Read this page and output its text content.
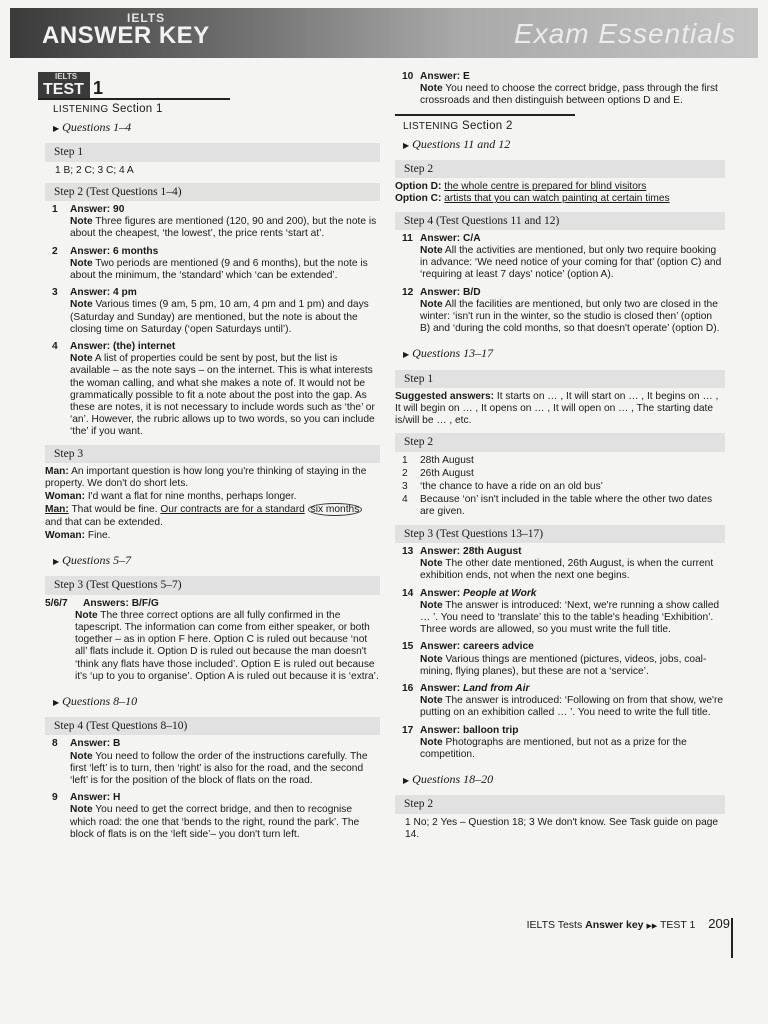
IELTS
ANSWER KEY	Exam Essentials
IELTS
TEST 1
LISTENING Section 1
▶ Questions 1–4
Step 1
1 B; 2 C; 3 C; 4 A
Step 2 (Test Questions 1–4)
1	Answer: 90
Note Three figures are mentioned (120, 90 and 200), but the note is about the cheapest, ‘the lowest’, the price rents ‘start at’.
2	Answer: 6 months
Note Two periods are mentioned (9 and 6 months), but the note is about the minimum, the ‘standard’ which ‘can be extended’.
3	Answer: 4 pm
Note Various times (9 am, 5 pm, 10 am, 4 pm and 1 pm) and days (Saturday and Sunday) are mentioned, but the note is about the closing time on Saturday (‘open Saturdays until’).
4	Answer: (the) internet
Note A list of properties could be sent by post, but the list is available – as the note says – on the internet. This is what interests the woman calling, and what she makes a note of. It would not be grammatically possible to fit a note about the post into the gap. As these are notes, it is not necessary to include words such as ‘the’ or ‘an’. However, the rubric allows up to two words, so you can include ‘the’ if you want.
Step 3
Man: An important question is how long you're thinking of staying in the property. We don't do short lets.
Woman: I'd want a flat for nine months, perhaps longer.
Man: That would be fine. Our contracts are for a standard six months and that can be extended.
Woman: Fine.
▶ Questions 5–7
Step 3 (Test Questions 5–7)
5/6/7	Answers: B/F/G
Note The three correct options are all fully confirmed in the tapescript. The information can come from either speaker, or both together – as in option F here. Option C is ruled out because ‘not all’ flats include it. Option D is ruled out because the man doesn't ‘think any flats have those included’. Option E is ruled out because it's ‘up to you to organise’. Option A is ruled out because it is ‘extra’.
▶ Questions 8–10
Step 4 (Test Questions 8–10)
8	Answer: B
Note You need to follow the order of the instructions carefully. The first ‘left’ is to turn, then ‘right’ is also for the road, and the second ‘left’ is for the position of the block of flats on the road.
9	Answer: H
Note You need to get the correct bridge, and then to recognise which road: the one that ‘bends to the right, round the park’. The block of flats is on the ‘left side’– you don't turn left.
10 Answer: E
Note You need to choose the correct bridge, pass through the first crossroads and then distinguish between options D and E.
LISTENING Section 2
▶ Questions 11 and 12
Step 2
Option D: the whole centre is prepared for blind visitors
Option C: artists that you can watch painting at certain times
Step 4 (Test Questions 11 and 12)
11 Answer: C/A
Note All the activities are mentioned, but only two require booking in advance: ‘We need notice of your coming for that’ (option C) and ‘requiring at least 7 days' notice’ (option A).
12 Answer: B/D
Note All the facilities are mentioned, but only two are closed in the winter: ‘isn't run in the winter, so the studio is closed then’ (option B) and ‘during the cold months, so that doesn't operate’ (option D).
▶ Questions 13–17
Step 1
Suggested answers: It starts on … , It will start on … , It begins on … , It will begin on … , It opens on … , It will open on … , The starting date is/will be … , etc.
Step 2
1	28th August
2	26th August
3	‘the chance to have a ride on an old bus’
4	Because ‘on’ isn't included in the table where the other two dates are given.
Step 3 (Test Questions 13–17)
13 Answer: 28th August
Note The other date mentioned, 26th August, is when the current exhibition ends, not when the next one begins.
14 Answer: People at Work
Note The answer is introduced: ‘Next, we're running a show called … ’. You need to ‘translate’ this to the table's heading ‘Exhibition’. Three words are allowed, so you must write the full title.
15 Answer: careers advice
Note Various things are mentioned (pictures, videos, jobs, coal-mining, flying planes), but these are not a ‘service’.
16 Answer: Land from Air
Note The answer is introduced: ‘Following on from that show, we're putting on an exhibition called … ’. You need to write the full title.
17 Answer: balloon trip
Note Photographs are mentioned, but not as a prize for the competition.
▶ Questions 18–20
Step 2
1 No; 2 Yes – Question 18; 3 We don't know. See Task guide on page 14.
IELTS Tests Answer key ▶▶ TEST 1 209
